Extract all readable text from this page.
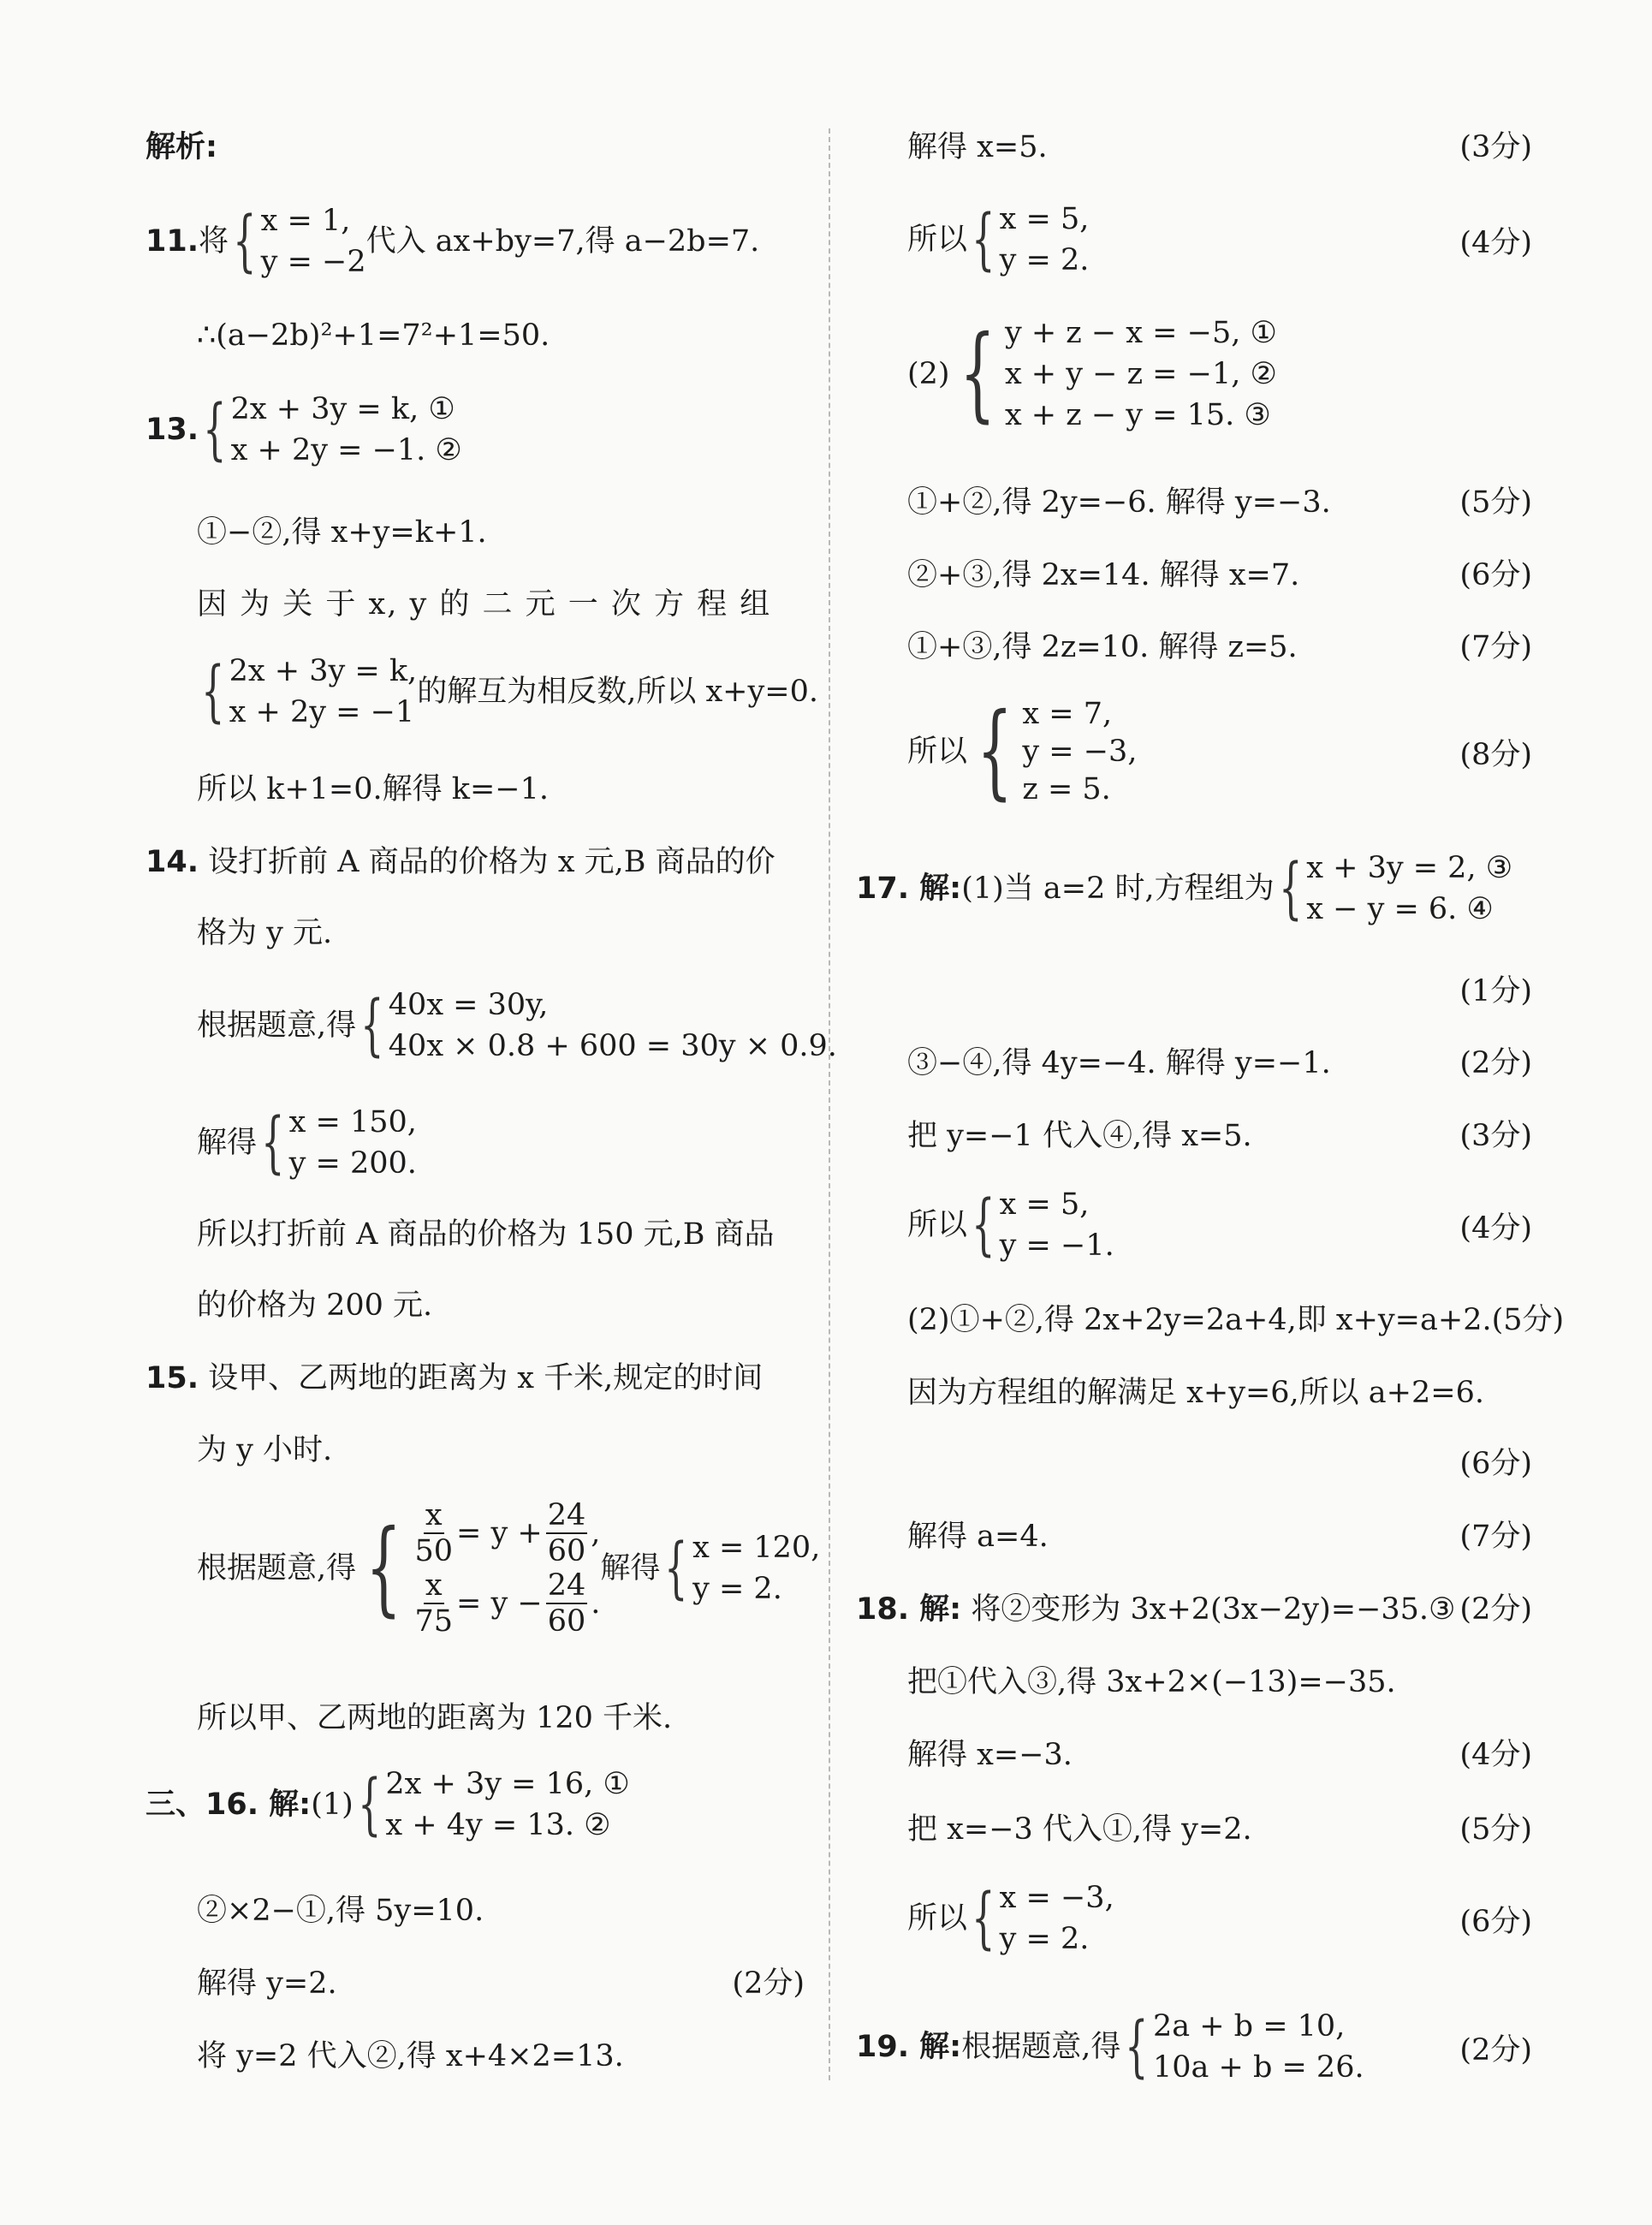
解析:
11. 将 { x = 1,
y = −2
代入 ax+by=7,得 a−2b=7.
∴(a−2b)²+1=7²+1=50.
13. { 2x + 3y = k, ①
x + 2y = −1. ②
①−②,得 x+y=k+1.
因 为 关 于 x, y 的 二 元 一 次 方 程 组
{ 2x + 3y = k,
x + 2y = −1
的解互为相反数,所以 x+y=0.
所以 k+1=0.解得 k=−1.
14. 设打折前 A 商品的价格为 x 元,B 商品的价
格为 y 元.
根据题意,得 { 40x = 30y,
40x × 0.8 + 600 = 30y × 0.9.
解得 { x = 150,
y = 200.
所以打折前 A 商品的价格为 150 元,B 商品
的价格为 200 元.
15. 设甲、乙两地的距离为 x 千米,规定的时间
为 y 小时.
根据题意,得 { $\frac{x}{50} = y + \frac{24}{60}$ ,
$\frac{x}{75} = y - \frac{24}{60}$ .
解得 { x = 120,
y = 2.
所以甲、乙两地的距离为 120 千米.
三、16. 解: (1) { 2x + 3y = 16, ①
x + 4y = 13. ②
②×2−①,得 5y=10.
解得 y=2.	(2分)
将 y=2 代入②,得 x+4×2=13.
解得 x=5.	(3分)
所以 { x = 5,
y = 2.	(4分)
(2) { y + z − x = −5, ①
x + y − z = −1, ②
x + z − y = 15. ③
①+②,得 2y=−6. 解得 y=−3.	(5分)
②+③,得 2x=14. 解得 x=7.	(6分)
①+③,得 2z=10. 解得 z=5.	(7分)
所以 { x = 7,
y = −3,
z = 5.
(8分)
17. 解: (1)当 a=2 时,方程组为 { x + 3y = 2, ③
x − y = 6. ④
(1分)
③−④,得 4y=−4. 解得 y=−1.	(2分)
把 y=−1 代入④,得 x=5.	(3分)
所以 { x = 5,
y = −1.	(4分)
(2)①+②,得 2x+2y=2a+4,即 x+y=a+2.(5分)
因为方程组的解满足 x+y=6,所以 a+2=6.
(6分)
解得 a=4.	(7分)
18. 解: 将②变形为 3x+2(3x−2y)=−35.③ (2分)
把①代入③,得 3x+2×(−13)=−35.
解得 x=−3.	(4分)
把 x=−3 代入①,得 y=2.	(5分)
所以 { x = −3,
y = 2.	(6分)
19. 解: 根据题意,得 { 2a + b = 10,
10a + b = 26.	(2分)
